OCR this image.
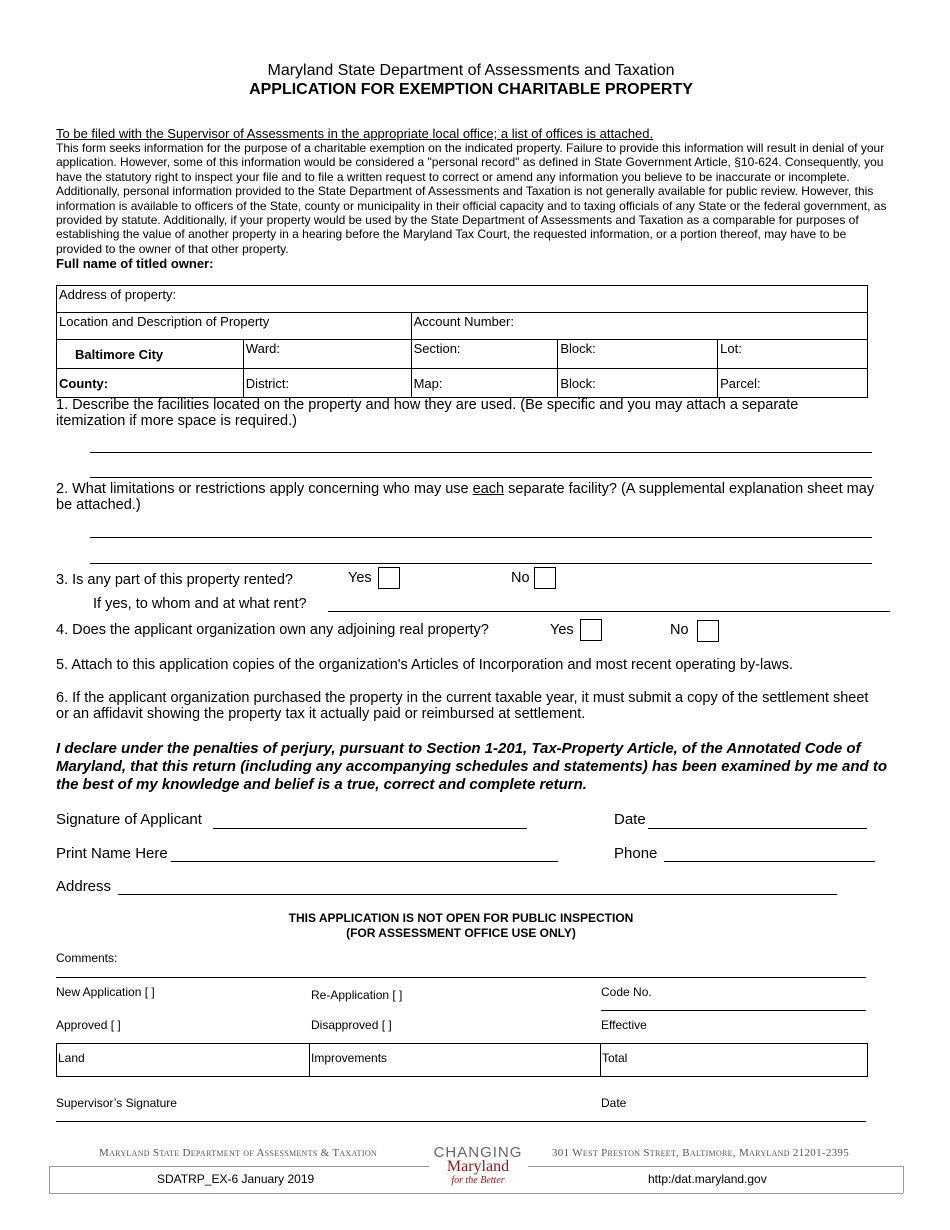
Maryland State Department of Assessments and Taxation
APPLICATION FOR EXEMPTION CHARITABLE PROPERTY
To be filed with the Supervisor of Assessments in the appropriate local office; a list of offices is attached.
This form seeks information for the purpose of a charitable exemption on the indicated property. Failure to provide this information will result in denial of your application. However, some of this information would be considered a "personal record" as defined in State Government Article, §10-624. Consequently, you have the statutory right to inspect your file and to file a written request to correct or amend any information you believe to be inaccurate or incomplete. Additionally, personal information provided to the State Department of Assessments and Taxation is not generally available for public review. However, this information is available to officers of the State, county or municipality in their official capacity and to taxing officials of any State or the federal government, as provided by statute. Additionally, if your property would be used by the State Department of Assessments and Taxation as a comparable for purposes of establishing the value of another property in a hearing before the Maryland Tax Court, the requested information, or a portion thereof, may have to be provided to the owner of that other property.
Full name of titled owner:
Address of property:				
Location and Description of Property		Account Number:		
Baltimore City	Ward:	Section:	Block:	Lot:
County:	District:	Map:	Block:	Parcel:
1. Describe the facilities located on the property and how they are used. (Be specific and you may attach a separate itemization if more space is required.)
2. What limitations or restrictions apply concerning who may use each separate facility? (A supplemental explanation sheet may be attached.)
3. Is any part of this property rented?	Yes	No
If yes, to whom and at what rent?
4. Does the applicant organization own any adjoining real property?	Yes	No
5. Attach to this application copies of the organization's Articles of Incorporation and most recent operating by-laws.
6. If the applicant organization purchased the property in the current taxable year, it must submit a copy of the settlement sheet or an affidavit showing the property tax it actually paid or reimbursed at settlement.
I declare under the penalties of perjury, pursuant to Section 1-201, Tax-Property Article, of the Annotated Code of Maryland, that this return (including any accompanying schedules and statements) has been examined by me and to the best of my knowledge and belief is a true, correct and complete return.
Signature of Applicant	Date
Print Name Here	Phone
Address
THIS APPLICATION IS NOT OPEN FOR PUBLIC INSPECTION
(FOR ASSESSMENT OFFICE USE ONLY)
Comments:
New Application [ ]	Re-Application [ ]	Code No.
Approved [ ]	Disapproved [ ]	Effective
Land	Improvements	Total
Supervisor’s Signature	Date
Maryland State Department of Assessments & Taxation	301 West Preston Street, Baltimore, Maryland 21201-2395
CHANGING
Maryland
for the Better
SDATRP_EX-6 January 2019	http:/dat.maryland.gov
